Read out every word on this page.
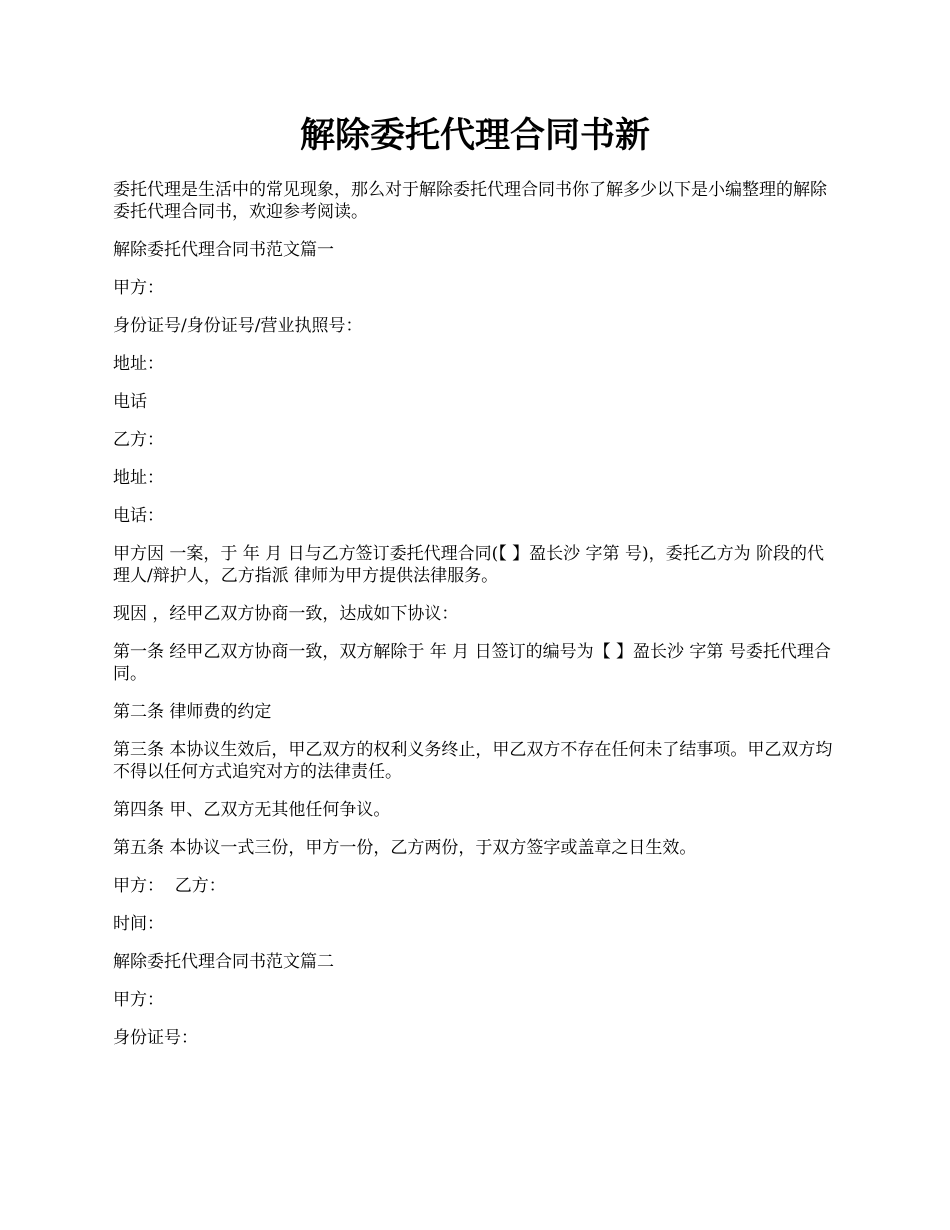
解除委托代理合同书新

委托代理是生活中的常见现象，那么对于解除委托代理合同书你了解多少以下是小编整理的解除委托代理合同书，欢迎参考阅读。

解除委托代理合同书范文篇一

甲方：

身份证号/身份证号/营业执照号：

地址：

电话

乙方：

地址：

电话：

甲方因 一案，于 年 月 日与乙方签订委托代理合同(【 】盈长沙 字第 号)，委托乙方为 阶段的代理人/辩护人，乙方指派 律师为甲方提供法律服务。

现因 ，经甲乙双方协商一致，达成如下协议：

第一条 经甲乙双方协商一致，双方解除于 年 月 日签订的编号为【 】盈长沙 字第 号委托代理合同。

第二条 律师费的约定

第三条 本协议生效后，甲乙双方的权利义务终止，甲乙双方不存在任何未了结事项。甲乙双方均不得以任何方式追究对方的法律责任。

第四条 甲、乙双方无其他任何争议。

第五条 本协议一式三份，甲方一份，乙方两份，于双方签字或盖章之日生效。

甲方：  乙方：

时间：

解除委托代理合同书范文篇二

甲方：

身份证号：
